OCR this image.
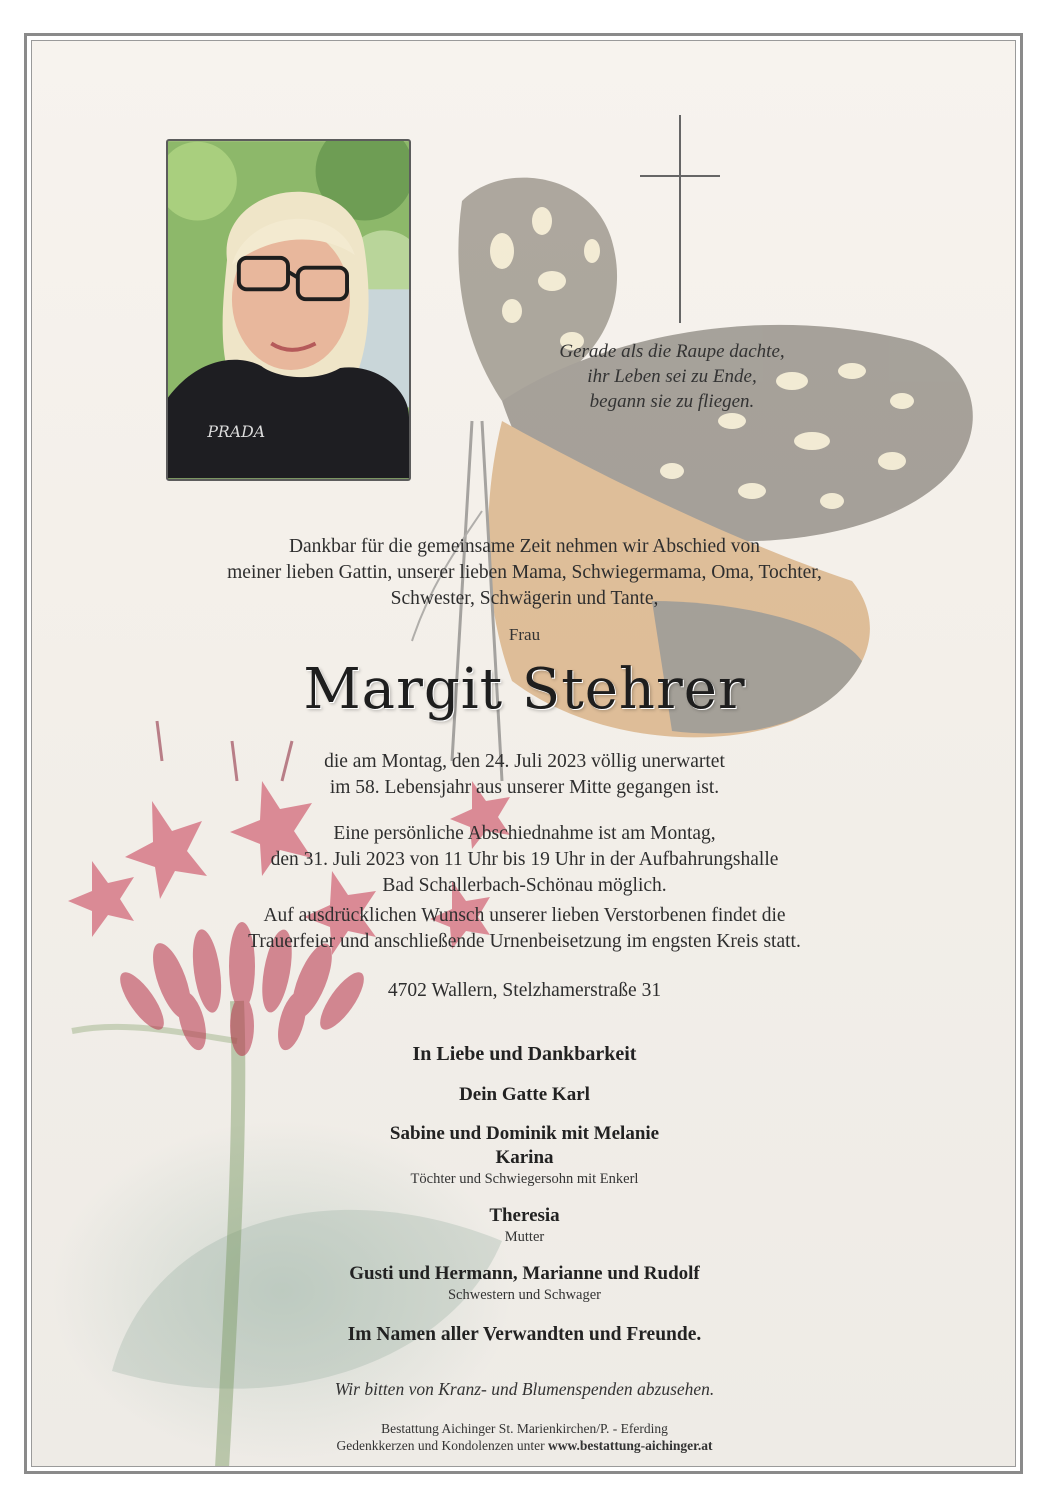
PRADA
Gerade als die Raupe dachte,
ihr Leben sei zu Ende,
begann sie zu fliegen.
Dankbar für die gemeinsame Zeit nehmen wir Abschied von
meiner lieben Gattin, unserer lieben Mama, Schwiegermama, Oma, Tochter,
Schwester, Schwägerin und Tante,
Frau
Margit Stehrer
die am Montag, den 24. Juli 2023 völlig unerwartet
im 58. Lebensjahr aus unserer Mitte gegangen ist.
Eine persönliche Abschiednahme ist am Montag,
den 31. Juli 2023 von 11 Uhr bis 19 Uhr in der Aufbahrungshalle
Bad Schallerbach-Schönau möglich.
Auf ausdrücklichen Wunsch unserer lieben Verstorbenen findet die
Trauerfeier und anschließende Urnenbeisetzung im engsten Kreis statt.
4702 Wallern, Stelzhamerstraße 31
In Liebe und Dankbarkeit
Dein Gatte Karl
Sabine und Dominik mit Melanie
Karina
Töchter und Schwiegersohn mit Enkerl
Theresia
Mutter
Gusti und Hermann, Marianne und Rudolf
Schwestern und Schwager
Im Namen aller Verwandten und Freunde.
Wir bitten von Kranz- und Blumenspenden abzusehen.
Bestattung Aichinger St. Marienkirchen/P. - Eferding
Gedenkkerzen und Kondolenzen unter www.bestattung-aichinger.at
